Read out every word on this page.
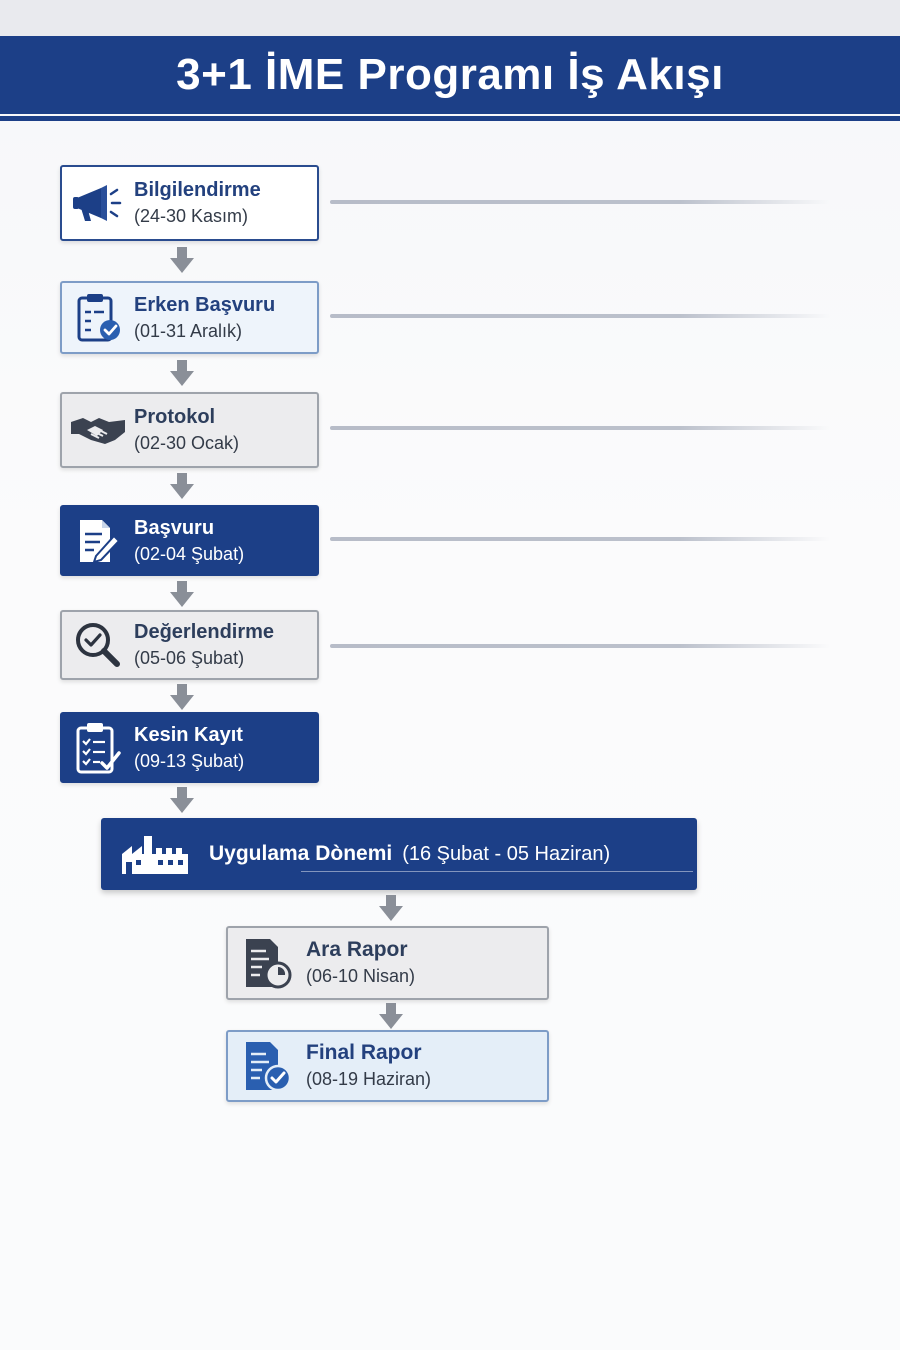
3+1 İME Programı İş Akışı
Bilgilendirme
(24-30 Kasım)
Erken Başvuru
(01-31 Aralık)
Protokol
(02-30 Ocak)
Başvuru
(02-04 Şubat)
Değerlendirme
(05-06 Şubat)
Kesin Kayıt
(09-13 Şubat)
Uygulama Dònemi (16 Şubat - 05 Haziran)
Ara Rapor
(06-10 Nisan)
Final Rapor
(08-19 Haziran)
